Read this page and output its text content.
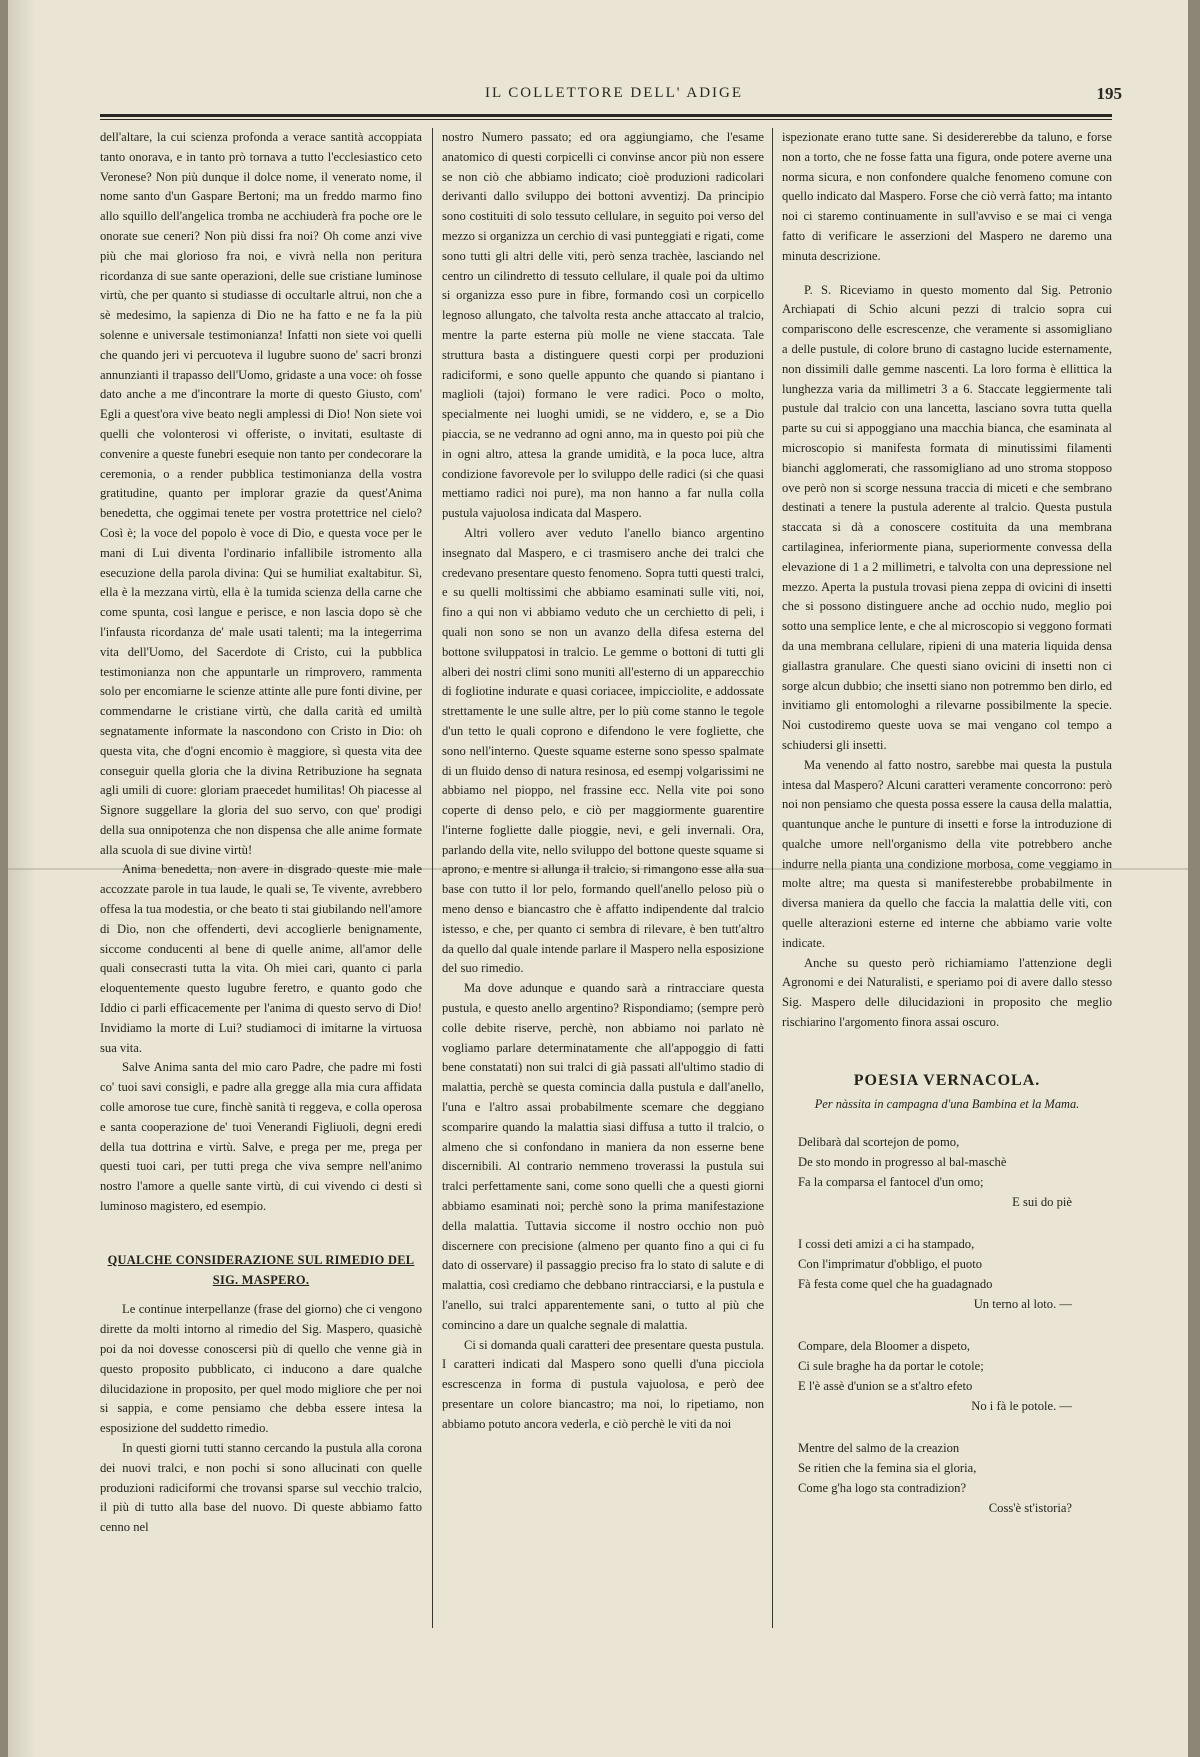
IL COLLETTORE DELL' ADIGE	195

dell'altare, la cui scienza profonda a verace santità accoppiata tanto onorava, e in tanto prò tornava a tutto l'ecclesiastico ceto Veronese? Non più dunque il dolce nome, il venerato nome, il nome santo d'un Gaspare Bertoni; ma un freddo marmo fino allo squillo dell'angelica tromba ne acchiuderà fra poche ore le onorate sue ceneri? Non più dissi fra noi? Oh come anzi vive più che mai glorioso fra noi, e vivrà nella non peritura ricordanza di sue sante operazioni, delle sue cristiane luminose virtù, che per quanto si studiasse di occultarle altrui, non che a sè medesimo, la sapienza di Dio ne ha fatto e ne fa la più solenne e universale testimonianza! Infatti non siete voi quelli che quando jeri vi percuoteva il lugubre suono de' sacri bronzi annunzianti il trapasso dell'Uomo, gridaste a una voce: oh fosse dato anche a me d'incontrare la morte di questo Giusto, com' Egli a quest'ora vive beato negli amplessi di Dio! Non siete voi quelli che volonterosi vi offeriste, o invitati, esultaste di convenire a queste funebri esequie non tanto per condecorare la ceremonia, o a render pubblica testimonianza della vostra gratitudine, quanto per implorar grazie da quest'Anima benedetta, che oggimai tenete per vostra protettrice nel cielo? Così è; la voce del popolo è voce di Dio, e questa voce per le mani di Lui diventa l'ordinario infallibile istromento alla esecuzione della parola divina: Qui se humiliat exaltabitur. Sì, ella è la mezzana virtù, ella è la tumida scienza della carne che come spunta, così langue e perisce, e non lascia dopo sè che l'infausta ricordanza de' male usati talenti; ma la integerrima vita dell'Uomo, del Sacerdote di Cristo, cui la pubblica testimonianza non che appuntarle un rimprovero, rammenta solo per encomiarne le scienze attinte alle pure fonti divine, per commendarne le cristiane virtù, che dalla carità ed umiltà segnatamente informate la nascondono con Cristo in Dio: oh questa vita, che d'ogni encomio è maggiore, sì questa vita dee conseguir quella gloria che la divina Retribuzione ha segnata agli umili di cuore: gloriam praecedet humilitas! Oh piacesse al Signore suggellare la gloria del suo servo, con que' prodigi della sua onnipotenza che non dispensa che alle anime formate alla scuola di sue divine virtù!

Anima benedetta, non avere in disgrado queste mie male accozzate parole in tua laude, le quali se, Te vivente, avrebbero offesa la tua modestia, or che beato ti stai giubilando nell'amore di Dio, non che offenderti, devi accoglierle benignamente, siccome conducenti al bene di quelle anime, all'amor delle quali consecrasti tutta la vita. Oh miei cari, quanto ci parla eloquentemente questo lugubre feretro, e quanto godo che Iddio ci parli efficacemente per l'anima di questo servo di Dio! Invidiamo la morte di Lui? studiamoci di imitarne la virtuosa sua vita.

Salve Anima santa del mio caro Padre, che padre mi fosti co' tuoi savi consigli, e padre alla gregge alla mia cura affidata colle amorose tue cure, finchè sanità ti reggeva, e colla operosa e santa cooperazione de' tuoi Venerandi Figliuoli, degni eredi della tua dottrina e virtù. Salve, e prega per me, prega per questi tuoi cari, per tutti prega che viva sempre nell'animo nostro l'amore a quelle sante virtù, di cui vivendo ci desti sì luminoso magistero, ed esempio.

QUALCHE CONSIDERAZIONE SUL RIMEDIO DEL SIG. MASPERO.

Le continue interpellanze (frase del giorno) che ci vengono dirette da molti intorno al rimedio del Sig. Maspero, quasichè poi da noi dovesse conoscersi più di quello che venne già in questo proposito pubblicato, ci inducono a dare qualche dilucidazione in proposito, per quel modo migliore che per noi si sappia, e come pensiamo che debba essere intesa la esposizione del suddetto rimedio.

In questi giorni tutti stanno cercando la pustula alla corona dei nuovi tralci, e non pochi si sono allucinati con quelle produzioni radiciformi che trovansi sparse sul vecchio tralcio, il più di tutto alla base del nuovo. Di queste abbiamo fatto cenno nel

nostro Numero passato; ed ora aggiungiamo, che l'esame anatomico di questi corpicelli ci convinse ancor più non essere se non ciò che abbiamo indicato; cioè produzioni radicolari derivanti dallo sviluppo dei bottoni avventizj. Da principio sono costituiti di solo tessuto cellulare, in seguito poi verso del mezzo si organizza un cerchio di vasi punteggiati e rigati, come sono tutti gli altri delle viti, però senza trachèe, lasciando nel centro un cilindretto di tessuto cellulare, il quale poi da ultimo si organizza esso pure in fibre, formando così un corpicello legnoso allungato, che talvolta resta anche attaccato al tralcio, mentre la parte esterna più molle ne viene staccata. Tale struttura basta a distinguere questi corpi per produzioni radiciformi, e sono quelle appunto che quando si piantano i maglioli (tajoi) formano le vere radici. Poco o molto, specialmente nei luoghi umidi, se ne viddero, e, se a Dio piaccia, se ne vedranno ad ogni anno, ma in questo poi più che in ogni altro, attesa la grande umidità, e la poca luce, altra condizione favorevole per lo sviluppo delle radici (si che quasi mettiamo radici noi pure), ma non hanno a far nulla colla pustula vajuolosa indicata dal Maspero.

Altri vollero aver veduto l'anello bianco argentino insegnato dal Maspero, e ci trasmisero anche dei tralci che credevano presentare questo fenomeno. Sopra tutti questi tralci, e su quelli moltissimi che abbiamo esaminati sulle viti, noi, fino a qui non vi abbiamo veduto che un cerchietto di peli, i quali non sono se non un avanzo della difesa esterna del bottone sviluppatosi in tralcio. Le gemme o bottoni di tutti gli alberi dei nostri climi sono muniti all'esterno di un apparecchio di fogliotine indurate e quasi coriacee, impicciolite, e addossate strettamente le une sulle altre, per lo più come stanno le tegole d'un tetto le quali coprono e difendono le vere fogliette, che sono nell'interno. Queste squame esterne sono spesso spalmate di un fluido denso di natura resinosa, ed esempj volgarissimi ne abbiamo nel pioppo, nel frassine ecc. Nella vite poi sono coperte di denso pelo, e ciò per maggiormente guarentire l'interne fogliette dalle pioggie, nevi, e geli invernali. Ora, parlando della vite, nello sviluppo del bottone queste squame si aprono, e mentre si allunga il tralcio, si rimangono esse alla sua base con tutto il lor pelo, formando quell'anello peloso più o meno denso e biancastro che è affatto indipendente dal tralcio istesso, e che, per quanto ci sembra di rilevare, è ben tutt'altro da quello dal quale intende parlare il Maspero nella esposizione del suo rimedio.

Ma dove adunque e quando sarà a rintracciare questa pustula, e questo anello argentino? Rispondiamo; (sempre però colle debite riserve, perchè, non abbiamo noi parlato nè vogliamo parlare determinatamente che all'appoggio di fatti bene constatati) non sui tralci di già passati all'ultimo stadio di malattia, perchè se questa comincia dalla pustula e dall'anello, l'una e l'altro assai probabilmente scemare che deggiano scomparire quando la malattia siasi diffusa a tutto il tralcio, o almeno che si confondano in maniera da non esserne bene discernibili. Al contrario nemmeno troverassi la pustula sui tralci perfettamente sani, come sono quelli che a questi giorni abbiamo esaminati noi; perchè sono la prima manifestazione della malattia. Tuttavia siccome il nostro occhio non può discernere con precisione (almeno per quanto fino a qui ci fu dato di osservare) il passaggio preciso fra lo stato di salute e di malattia, così crediamo che debbano rintracciarsi, e la pustula e l'anello, sui tralci apparentemente sani, o tutto al più che comincino a dare un qualche segnale di malattia.

Ci si domanda quali caratteri dee presentare questa pustula. I caratteri indicati dal Maspero sono quelli d'una picciola escrescenza in forma di pustula vajuolosa, e però dee presentare un colore biancastro; ma noi, lo ripetiamo, non abbiamo potuto ancora vederla, e ciò perchè le viti da noi

ispezionate erano tutte sane. Si desidererebbe da taluno, e forse non a torto, che ne fosse fatta una figura, onde potere averne una norma sicura, e non confondere qualche fenomeno comune con quello indicato dal Maspero. Forse che ciò verrà fatto; ma intanto noi ci staremo continuamente in sull'avviso e se mai ci venga fatto di verificare le asserzioni del Maspero ne daremo una minuta descrizione.

P. S. Riceviamo in questo momento dal Sig. Petronio Archiapati di Schio alcuni pezzi di tralcio sopra cui compariscono delle escrescenze, che veramente si assomigliano a delle pustule, di colore bruno di castagno lucide esternamente, non dissimili dalle gemme nascenti. La loro forma è ellittica la lunghezza varia da millimetri 3 a 6. Staccate leggiermente tali pustule dal tralcio con una lancetta, lasciano sovra tutta quella parte su cui si appoggiano una macchia bianca, che esaminata al microscopio si manifesta formata di minutissimi filamenti bianchi agglomerati, che rassomigliano ad uno stroma stopposo ove però non si scorge nessuna traccia di miceti e che sembrano destinati a tenere la pustula aderente al tralcio. Questa pustula staccata si dà a conoscere costituita da una membrana cartilaginea, inferiormente piana, superiormente convessa della elevazione di 1 a 2 millimetri, e talvolta con una depressione nel mezzo. Aperta la pustula trovasi piena zeppa di ovicini di insetti che si possono distinguere anche ad occhio nudo, meglio poi sotto una semplice lente, e che al microscopio si veggono formati da una membrana cellulare, ripieni di una materia liquida densa giallastra granulare. Che questi siano ovicini di insetti non ci sorge alcun dubbio; che insetti siano non potremmo ben dirlo, ed invitiamo gli entomologhi a rilevarne possibilmente la specie. Noi custodiremo queste uova se mai vengano col tempo a schiudersi gli insetti.

Ma venendo al fatto nostro, sarebbe mai questa la pustula intesa dal Maspero? Alcuni caratteri veramente concorrono: però noi non pensiamo che questa possa essere la causa della malattia, quantunque anche le punture di insetti e forse la introduzione di qualche umore nell'organismo della vite potrebbero anche indurre nella pianta una condizione morbosa, come veggiamo in molte altre; ma questa si manifesterebbe probabilmente in diversa maniera da quello che faccia la malattia delle viti, con quelle alterazioni esterne ed interne che abbiamo varie volte indicate.

Anche su questo però richiamiamo l'attenzione degli Agronomi e dei Naturalisti, e speriamo poi di avere dallo stesso Sig. Maspero delle dilucidazioni in proposito che meglio rischiarino l'argomento finora assai oscuro.

POESIA VERNACOLA.
Per nàssita in campagna d'una Bambina et la Mama.
Delibarà dal scortejon de pomo,
De sto mondo in progresso al bal-maschè
Fa la comparsa el fantocel d'un omo;
E sui do piè
I cossi deti amizi a ci ha stampado,
Con l'imprimatur d'obbligo, el puoto
Fà festa come quel che ha guadagnado
Un terno al loto. —
Compare, dela Bloomer a dispeto,
Ci sule braghe ha da portar le cotole;
E l'è assè d'union se a st'altro efeto
No i fà le potole. —
Mentre del salmo de la creazion
Se ritien che la femina sia el gloria,
Come g'ha logo sta contradizion?
Coss'è st'istoria?
